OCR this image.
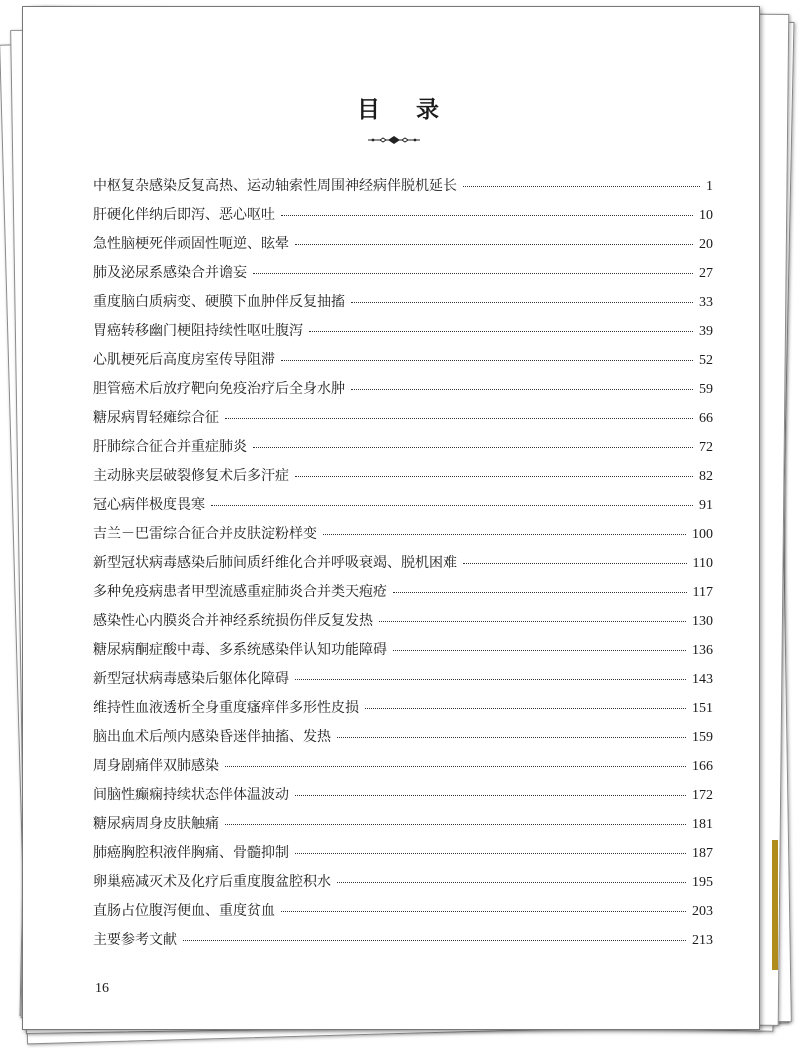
目 录
中枢复杂感染反复高热、运动轴索性周围神经病伴脱机延长	1
肝硬化伴纳后即泻、恶心呕吐	10
急性脑梗死伴顽固性呃逆、眩晕	20
肺及泌尿系感染合并谵妄	27
重度脑白质病变、硬膜下血肿伴反复抽搐	33
胃癌转移幽门梗阻持续性呕吐腹泻	39
心肌梗死后高度房室传导阻滞	52
胆管癌术后放疗靶向免疫治疗后全身水肿	59
糖尿病胃轻瘫综合征	66
肝肺综合征合并重症肺炎	72
主动脉夹层破裂修复术后多汗症	82
冠心病伴极度畏寒	91
吉兰－巴雷综合征合并皮肤淀粉样变	100
新型冠状病毒感染后肺间质纤维化合并呼吸衰竭、脱机困难	110
多种免疫病患者甲型流感重症肺炎合并类天疱疮	117
感染性心内膜炎合并神经系统损伤伴反复发热	130
糖尿病酮症酸中毒、多系统感染伴认知功能障碍	136
新型冠状病毒感染后躯体化障碍	143
维持性血液透析全身重度瘙痒伴多形性皮损	151
脑出血术后颅内感染昏迷伴抽搐、发热	159
周身剧痛伴双肺感染	166
间脑性癫痫持续状态伴体温波动	172
糖尿病周身皮肤触痛	181
肺癌胸腔积液伴胸痛、骨髓抑制	187
卵巢癌减灭术及化疗后重度腹盆腔积水	195
直肠占位腹泻便血、重度贫血	203
主要参考文献	213
16
